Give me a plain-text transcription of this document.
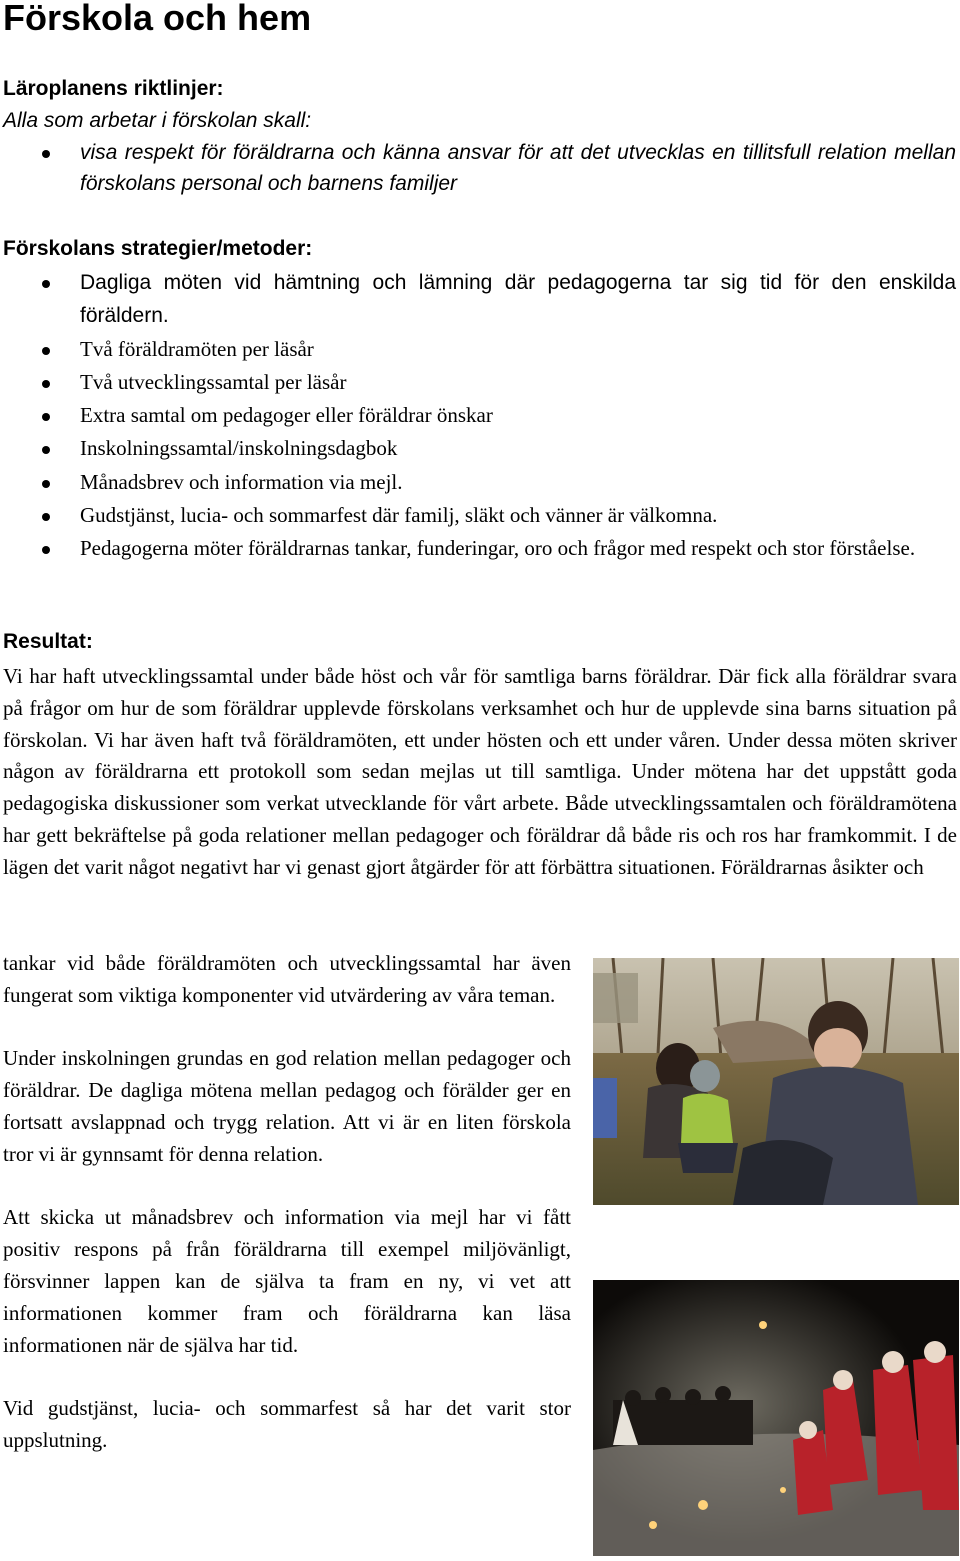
Förskola och hem

Läroplanens riktlinjer:

Alla som arbetar i förskolan skall:

visa respekt för föräldrarna och känna ansvar för att det utvecklas en tillitsfull relation mellan förskolans personal och barnens familjer

Förskolans strategier/metoder:

Dagliga möten vid hämtning och lämning där pedagogerna tar sig tid för den enskilda föräldern.
Två föräldramöten per läsår
Två utvecklingssamtal per läsår
Extra samtal om pedagoger eller föräldrar önskar
Inskolningssamtal/inskolningsdagbok
Månadsbrev och information via mejl.
Gudstjänst, lucia- och sommarfest där familj, släkt och vänner är välkomna.
Pedagogerna möter föräldrarnas tankar, funderingar, oro och frågor med respekt och stor förståelse.

Resultat:

Vi har haft utvecklingssamtal under både höst och vår för samtliga barns föräldrar. Där fick alla föräldrar svara på frågor om hur de som föräldrar upplevde förskolans verksamhet och hur de upplevde sina barns situation på förskolan. Vi har även haft två föräldramöten, ett under hösten och ett under våren. Under dessa möten skriver någon av föräldrarna ett protokoll som sedan mejlas ut till samtliga. Under mötena har det uppstått goda pedagogiska diskussioner som verkat utvecklande för vårt arbete. Både utvecklingssamtalen och föräldramötena har gett bekräftelse på goda relationer mellan pedagoger och föräldrar då både ris och ros har framkommit. I de lägen det varit något negativt har vi genast gjort åtgärder för att förbättra situationen. Föräldrarnas åsikter och

tankar vid både föräldramöten och utvecklingssamtal har även fungerat som viktiga komponenter vid utvärdering av våra teman.

Under inskolningen grundas en god relation mellan pedagoger och föräldrar. De dagliga mötena mellan pedagog och förälder ger en fortsatt avslappnad och trygg relation. Att vi är en liten förskola tror vi är gynnsamt för denna relation.

Att skicka ut månadsbrev och information via mejl har vi fått positiv respons på från föräldrarna till exempel miljövänligt, försvinner lappen kan de själva ta fram en ny, vi vet att informationen kommer fram och föräldrarna kan läsa informationen när de själva har tid.

Vid gudstjänst, lucia- och sommarfest så har det varit stor uppslutning.
